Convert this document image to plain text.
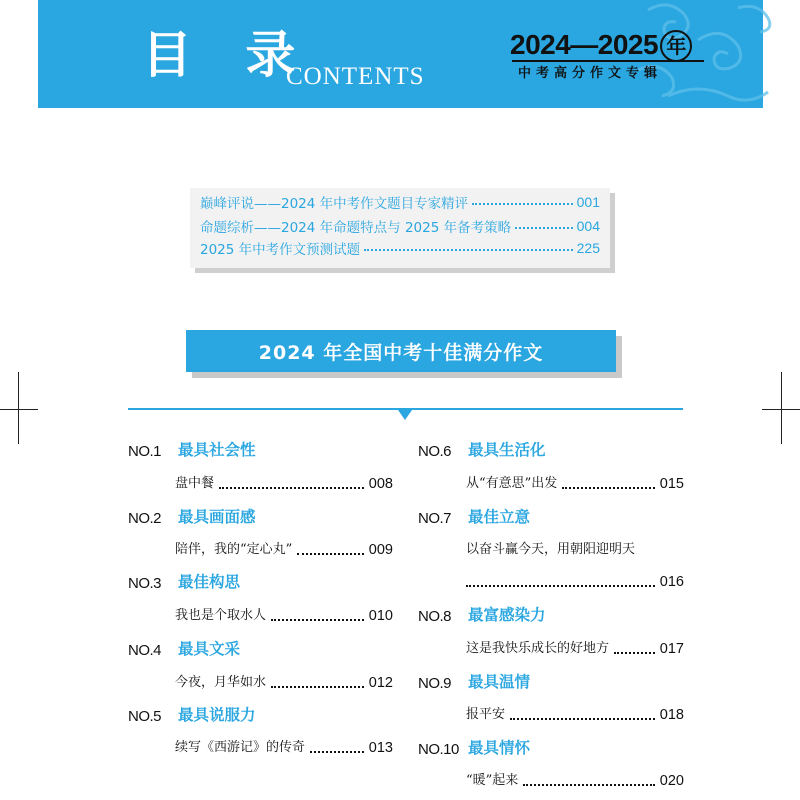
目 录
CONTENTS
2024—2025 年
中考高分作文专辑
巅峰评说——2024 年中考作文题目专家精评	001
命题综析——2024 年命题特点与 2025 年备考策略	004
2025 年中考作文预测试题	225
2024 年全国中考十佳满分作文
NO.1 最具社会性
盘中餐	008
NO.2 最具画面感
陪伴，我的“定心丸”	009
NO.3 最佳构思
我也是个取水人	010
NO.4 最具文采
今夜，月华如水	012
NO.5 最具说服力
续写《西游记》的传奇	013
NO.6 最具生活化
从“有意思”出发	015
NO.7 最佳立意
以奋斗赢今天，用朝阳迎明天
016
NO.8 最富感染力
这是我快乐成长的好地方	017
NO.9 最具温情
报平安	018
NO.10 最具情怀
“暖”起来	020
